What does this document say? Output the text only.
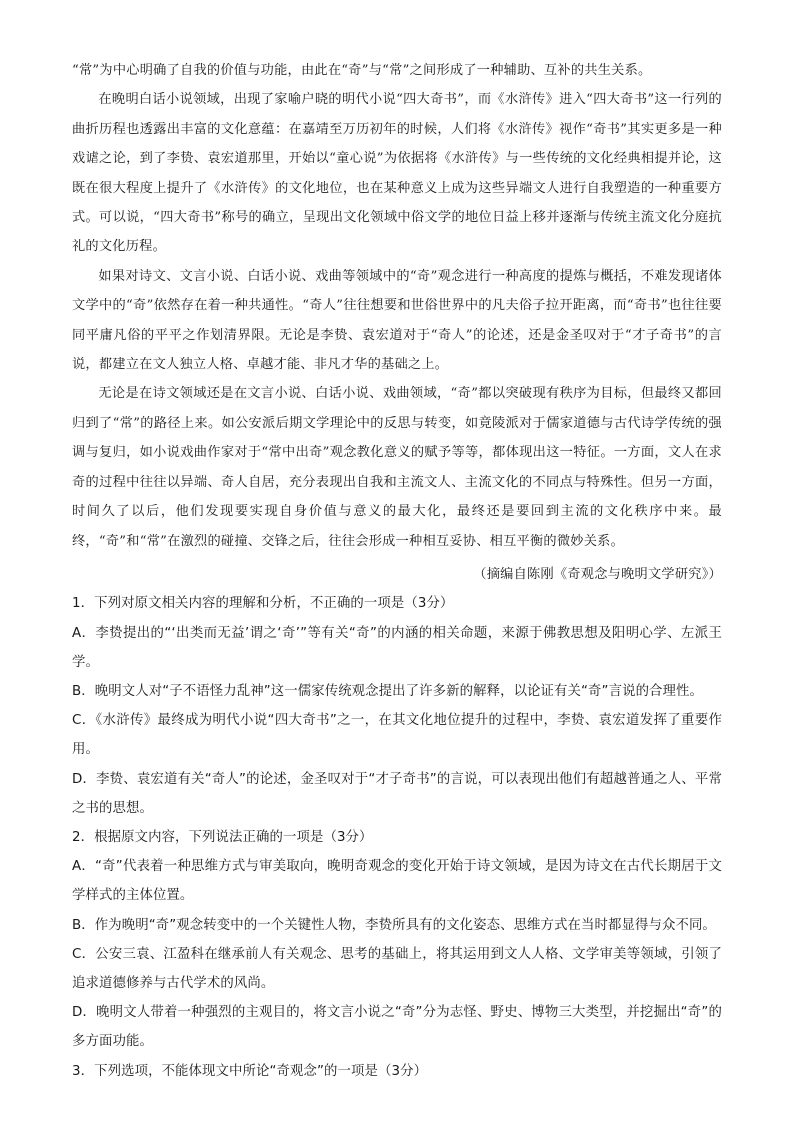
“常”为中心明确了自我的价值与功能，由此在“奇”与“常”之间形成了一种辅助、互补的共生关系。

在晚明白话小说领域，出现了家喻户晓的明代小说“四大奇书”，而《水浒传》进入“四大奇书”这一行列的曲折历程也透露出丰富的文化意蕴：在嘉靖至万历初年的时候，人们将《水浒传》视作“奇书”其实更多是一种戏谑之论，到了李贽、袁宏道那里，开始以“童心说”为依据将《水浒传》与一些传统的文化经典相提并论，这既在很大程度上提升了《水浒传》的文化地位，也在某种意义上成为这些异端文人进行自我塑造的一种重要方式。可以说，“四大奇书”称号的确立，呈现出文化领域中俗文学的地位日益上移并逐渐与传统主流文化分庭抗礼的文化历程。

如果对诗文、文言小说、白话小说、戏曲等领域中的“奇”观念进行一种高度的提炼与概括，不难发现诸体文学中的“奇”依然存在着一种共通性。“奇人”往往想要和世俗世界中的凡夫俗子拉开距离，而“奇书”也往往要同平庸凡俗的平平之作划清界限。无论是李贽、袁宏道对于“奇人”的论述，还是金圣叹对于“才子奇书”的言说，都建立在文人独立人格、卓越才能、非凡才华的基础之上。

无论是在诗文领域还是在文言小说、白话小说、戏曲领域，“奇”都以突破现有秩序为目标，但最终又都回归到了“常”的路径上来。如公安派后期文学理论中的反思与转变，如竟陵派对于儒家道德与古代诗学传统的强调与复归，如小说戏曲作家对于“常中出奇”观念教化意义的赋予等等，都体现出这一特征。一方面，文人在求奇的过程中往往以异端、奇人自居，充分表现出自我和主流文人、主流文化的不同点与特殊性。但另一方面，时间久了以后，他们发现要实现自身价值与意义的最大化，最终还是要回到主流的文化秩序中来。最终，“奇”和“常”在激烈的碰撞、交锋之后，往往会形成一种相互妥协、相互平衡的微妙关系。

（摘编自陈刚《奇观念与晚明文学研究》）
1．下列对原文相关内容的理解和分析，不正确的一项是（3分）
A．李贽提出的“‘出类而无益’谓之‘奇’”等有关“奇”的内涵的相关命题，来源于佛教思想及阳明心学、左派王学。
B．晚明文人对“子不语怪力乱神”这一儒家传统观念提出了许多新的解释，以论证有关“奇”言说的合理性。
C．《水浒传》最终成为明代小说“四大奇书”之一，在其文化地位提升的过程中，李贽、袁宏道发挥了重要作用。
D．李贽、袁宏道有关“奇人”的论述，金圣叹对于“才子奇书”的言说，可以表现出他们有超越普通之人、平常之书的思想。
2．根据原文内容，下列说法正确的一项是（3分）
A．“奇”代表着一种思维方式与审美取向，晚明奇观念的变化开始于诗文领域，是因为诗文在古代长期居于文学样式的主体位置。
B．作为晚明“奇”观念转变中的一个关键性人物，李贽所具有的文化姿态、思维方式在当时都显得与众不同。
C．公安三袁、江盈科在继承前人有关观念、思考的基础上，将其运用到文人人格、文学审美等领域，引领了追求道德修养与古代学术的风尚。
D．晚明文人带着一种强烈的主观目的，将文言小说之“奇”分为志怪、野史、博物三大类型，并挖掘出“奇”的多方面功能。
3．下列选项，不能体现文中所论“奇观念”的一项是（3分）
